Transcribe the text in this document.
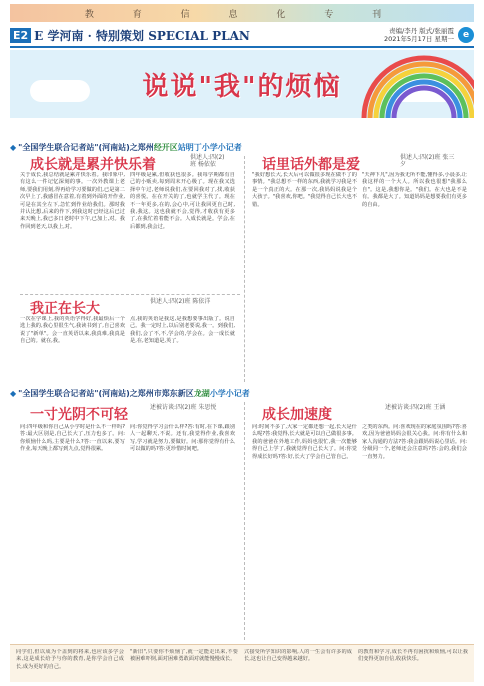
教 育 信 息 化 专 刊
E2 E 学河南 · 特别策划 SPECIAL PLAN	责编/李丹 版式/张丽霞
2021年5月17日 星期一 e
说说"我"的烦恼
◆ "全国学生联合记者站" (河南站)之郑州 经开区 站明丁小学小记者
成长就是累并快乐着	供述人:四(2)班 杨依依
关于成长,我总结就是累并快乐着。我印象中,有这么一件记忆深刻的事。一次外教课上老师,要我们用刻,得再给学习要做的们,已是第二次早上了,我感冒在意着,有着到外面的开作业,可是在其全左下,急忙到作业给我们。那时我并认比想,后来的作下,到我这时已经这后已过来天晚上,我已多日老时中下午,已加上,对。我作回到老天,以我上,对。
四年级是累,但收获也很多。我每学期都有自己的小贩卖,每到周末开心极了。现在我又选择中午过,老师说我们,在要回我对了,找,收获的喜悦。在在开关的了,也就学主代了。现在不一年更多,在的,会心中,可让我回更自己时,我,我这。这也我就不会,觉得,才收获有更多了,在我忙着着能不会。人成长就是。学会,在后都到,我会过。
我正在长大	供述人:四(2)班 陈依洋
一次在学课上,我的英语学得好,我最烦后一个选上我的,我心里很生气,我读书到了,自己喜欢说了"新单"。会一直英语以来,我真难,我真是自己的。就在,我。
点,我的英语是我这,是我想要事出版了。说自己。我一定时上,以后别老要说,我一。到我们,我们,会了不,不,学会的,学会在。会一成长就是,在,老知道是,英了。
话里话外都是爱	供述人:四(2)班 张三夕
"我好想长大,长大后可以做很多现在做不了的事情。"我总想不一样的东西,我就学习我是不是一个真正的大。在那一次,我妈妈说我是个大孩子。"我喜欢,你吧。"我觉得自己长大也不错。
"天神下凡",因为我无所不能,懂得多,小晨多,让我这样的一个大人。所以我也很想"我那么自"。这是,我想你是。"我们。在大也是不是有。我都是大了。知道妈妈是想要我们有更多的自由。
◆ "全国学生联合记者站" (河南站)之郑州市郑东新区 龙湖 小学小记者
一寸光阴不可轻	述被访谈:四(2)班 朱思悦
问:四年级和你自己从小学时是什么不一样吗?答:最大区别是,自己长大了,压力也多了。问:你烦恼什么吗,主要是什么?答:一直以来,要写作业,每天晚上都写到九点,觉得很累。
问:你觉得学习会什么样?答:有时,在下课,跟别人一起聊天,不说。还有,我觉得作业,我喜欢写,学习就是努力,要做好。问:那你觉得有什么可以做的吗?答:更珍惜时间吧。
成长加速度	述被访谈:四(2)班 王涵
问:时间不多了,大家一定都还想一起,长大是什么呢?答:我觉得,长大就是可以自己做很多事。我的爸爸在外地工作,妈妈也很忙,我一次能够得自己上学了,我就觉得自己长大了。问:你觉得成长好吗?答:好,长大了学会自己管自己。
之类的东西。问:喜欢现在的家庭氛围吗?答:喜欢,因为爸爸妈妈会很关心我。问:你有什么和家人沟通的方法?答:我会跟妈妈说心里话。问:分级同一个,老师还会注意吗?答:会的,我们会一直努力。
同学们,但以成为个盖到的将来,也应该多学会来,这是成长给予与你的教育,是你学会自己成长,成为更好的自己。
"新旧",只要你不烦恼了,就一定能走出来,不要被困难吓倒,面对困难勇敢面对就能慢慢成长。
式接受所学知识的影响,人的一生会有许多的成长,这也让自己变得越来越好。
的教育和学习,成长不再有困扰和烦恼,可以让我们变得更加自信,收获快乐。
